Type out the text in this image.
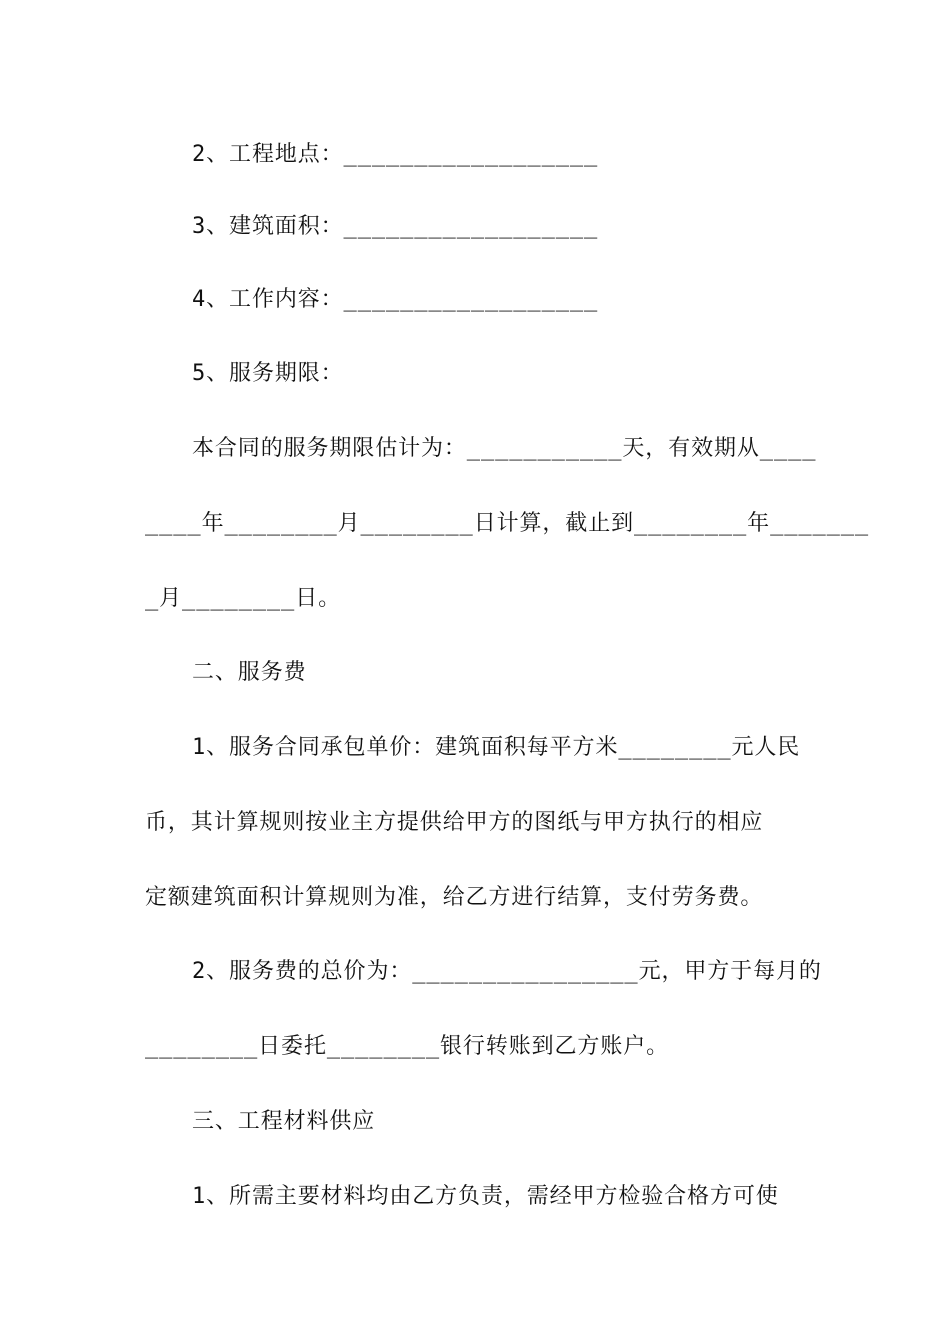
2、工程地点：__________________
3、建筑面积：__________________
4、工作内容：__________________
5、服务期限：
本合同的服务期限估计为：___________天，有效期从____
____年________月________日计算，截止到________年_______
_月________日。
二、服务费
1、服务合同承包单价：建筑面积每平方米________元人民
币，其计算规则按业主方提供给甲方的图纸与甲方执行的相应
定额建筑面积计算规则为准，给乙方进行结算，支付劳务费。
2、服务费的总价为：________________元，甲方于每月的
________日委托________银行转账到乙方账户。
三、工程材料供应
1、所需主要材料均由乙方负责，需经甲方检验合格方可使
